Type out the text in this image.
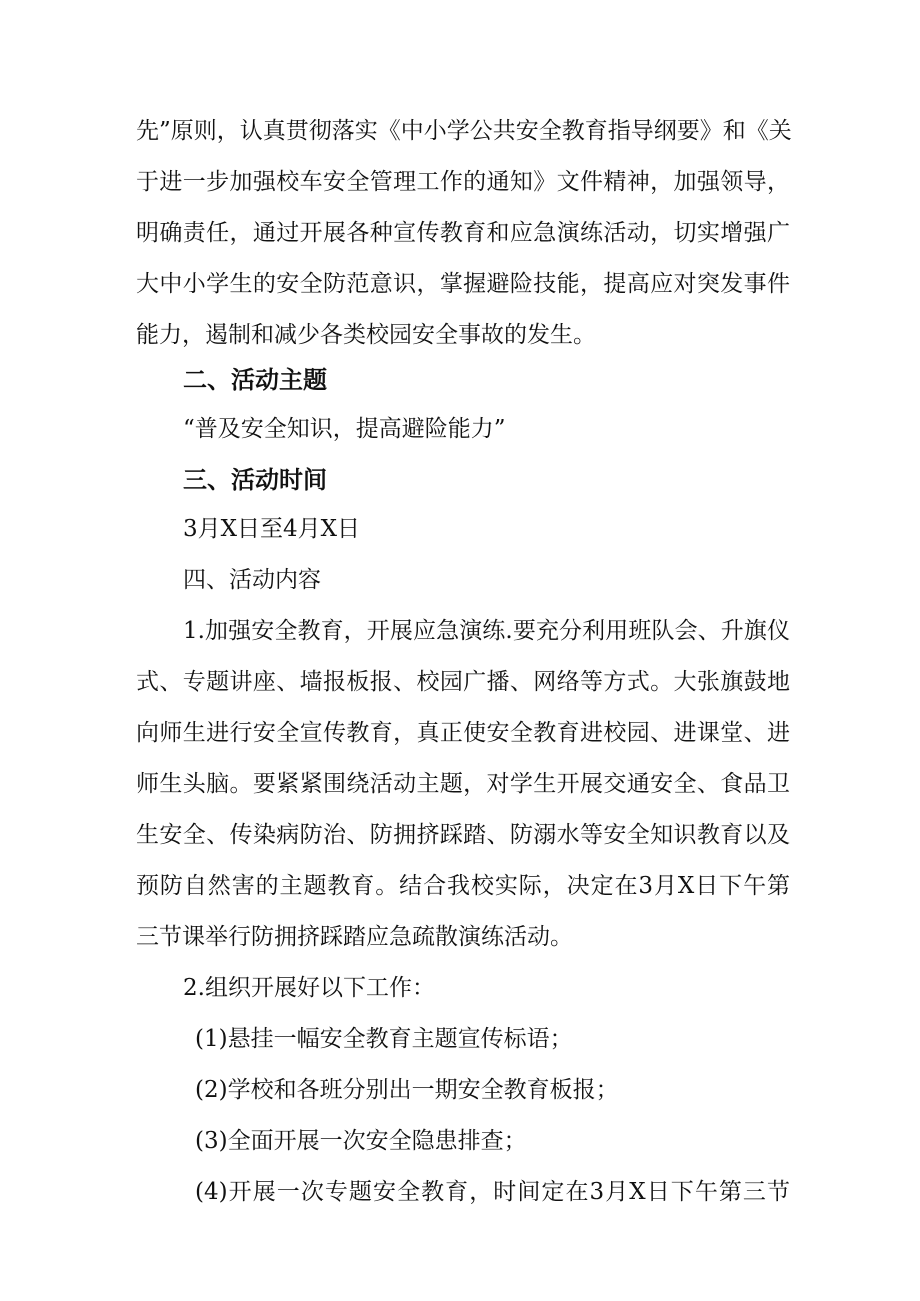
先”原则，认真贯彻落实《中小学公共安全教育指导纲要》和《关

于进一步加强校车安全管理工作的通知》文件精神，加强领导，

明确责任，通过开展各种宣传教育和应急演练活动，切实增强广

大中小学生的安全防范意识，掌握避险技能，提高应对突发事件

能力，遏制和减少各类校园安全事故的发生。

二、活动主题

“普及安全知识，提高避险能力”

三、活动时间

3月X日至4月X日

四、活动内容

1.加强安全教育，开展应急演练.要充分利用班队会、升旗仪

式、专题讲座、墙报板报、校园广播、网络等方式。大张旗鼓地

向师生进行安全宣传教育，真正使安全教育进校园、进课堂、进

师生头脑。要紧紧围绕活动主题，对学生开展交通安全、食品卫

生安全、传染病防治、防拥挤踩踏、防溺水等安全知识教育以及

预防自然害的主题教育。结合我校实际，决定在3月X日下午第

三节课举行防拥挤踩踏应急疏散演练活动。

2.组织开展好以下工作：

(1)悬挂一幅安全教育主题宣传标语；

(2)学校和各班分别出一期安全教育板报；

(3)全面开展一次安全隐患排查；

(4)开展一次专题安全教育，时间定在3月X日下午第三节
